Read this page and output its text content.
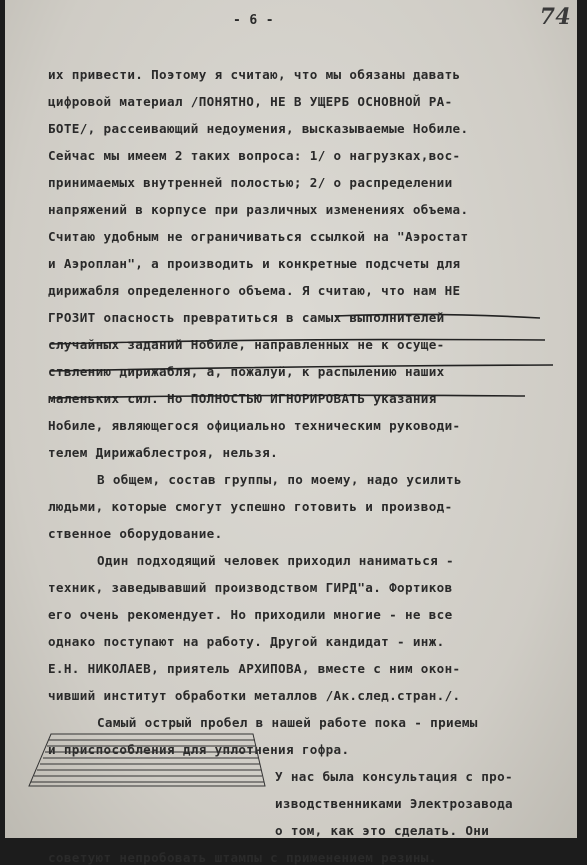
- 6 -	74
их привести. Поэтому я считаю, что мы обязаны давать
цифровой материал /ПОНЯТНО, НЕ В УЩЕРБ ОСНОВНОЙ РА-
БОТЕ/, рассеивающий недоумения, высказываемые Нобиле.
Сейчас мы имеем 2 таких вопроса: 1/ о нагрузках,вос-
принимаемых внутренней полостью; 2/ о распределении
напряжений в корпусе при различных изменениях объема.
Считаю удобным не ограничиваться ссылкой на "Аэростат
и Аэроплан", а производить и конкретные подсчеты для
дирижабля определенного объема. Я считаю, что нам НЕ
ГРОЗИТ опасность превратиться в самых выполнителей
случайных заданий Нобиле, направленных не к осуще-
ствлению дирижабля, а, пожалуй, к распылению наших
маленьких сил. Но ПОЛНОСТЬЮ ИГНОРИРОВАТЬ указания
Нобиле, являющегося официально техническим руководи-
телем Дирижаблестроя, нельзя.
В общем, состав группы, по моему, надо усилить
людьми, которые смогут успешно готовить и производ-
ственное оборудование.
Один подходящий человек приходил наниматься -
техник, заведывавший производством ГИРД"а. Фортиков
его очень рекомендует. Но приходили многие - не все
однако поступают на работу. Другой кандидат - инж.
Е.Н. НИКОЛАЕВ, приятель АРХИПОВА, вместе с ним окон-
чивший институт обработки металлов /Ак.след.стран./.
Самый острый пробел в нашей работе пока - приемы
и приспособления для уплотнения гофра.
У нас была консультация с про-
изводственниками Электрозавода
о том, как это сделать. Они
советуют непробовать штампы с применением резины.
